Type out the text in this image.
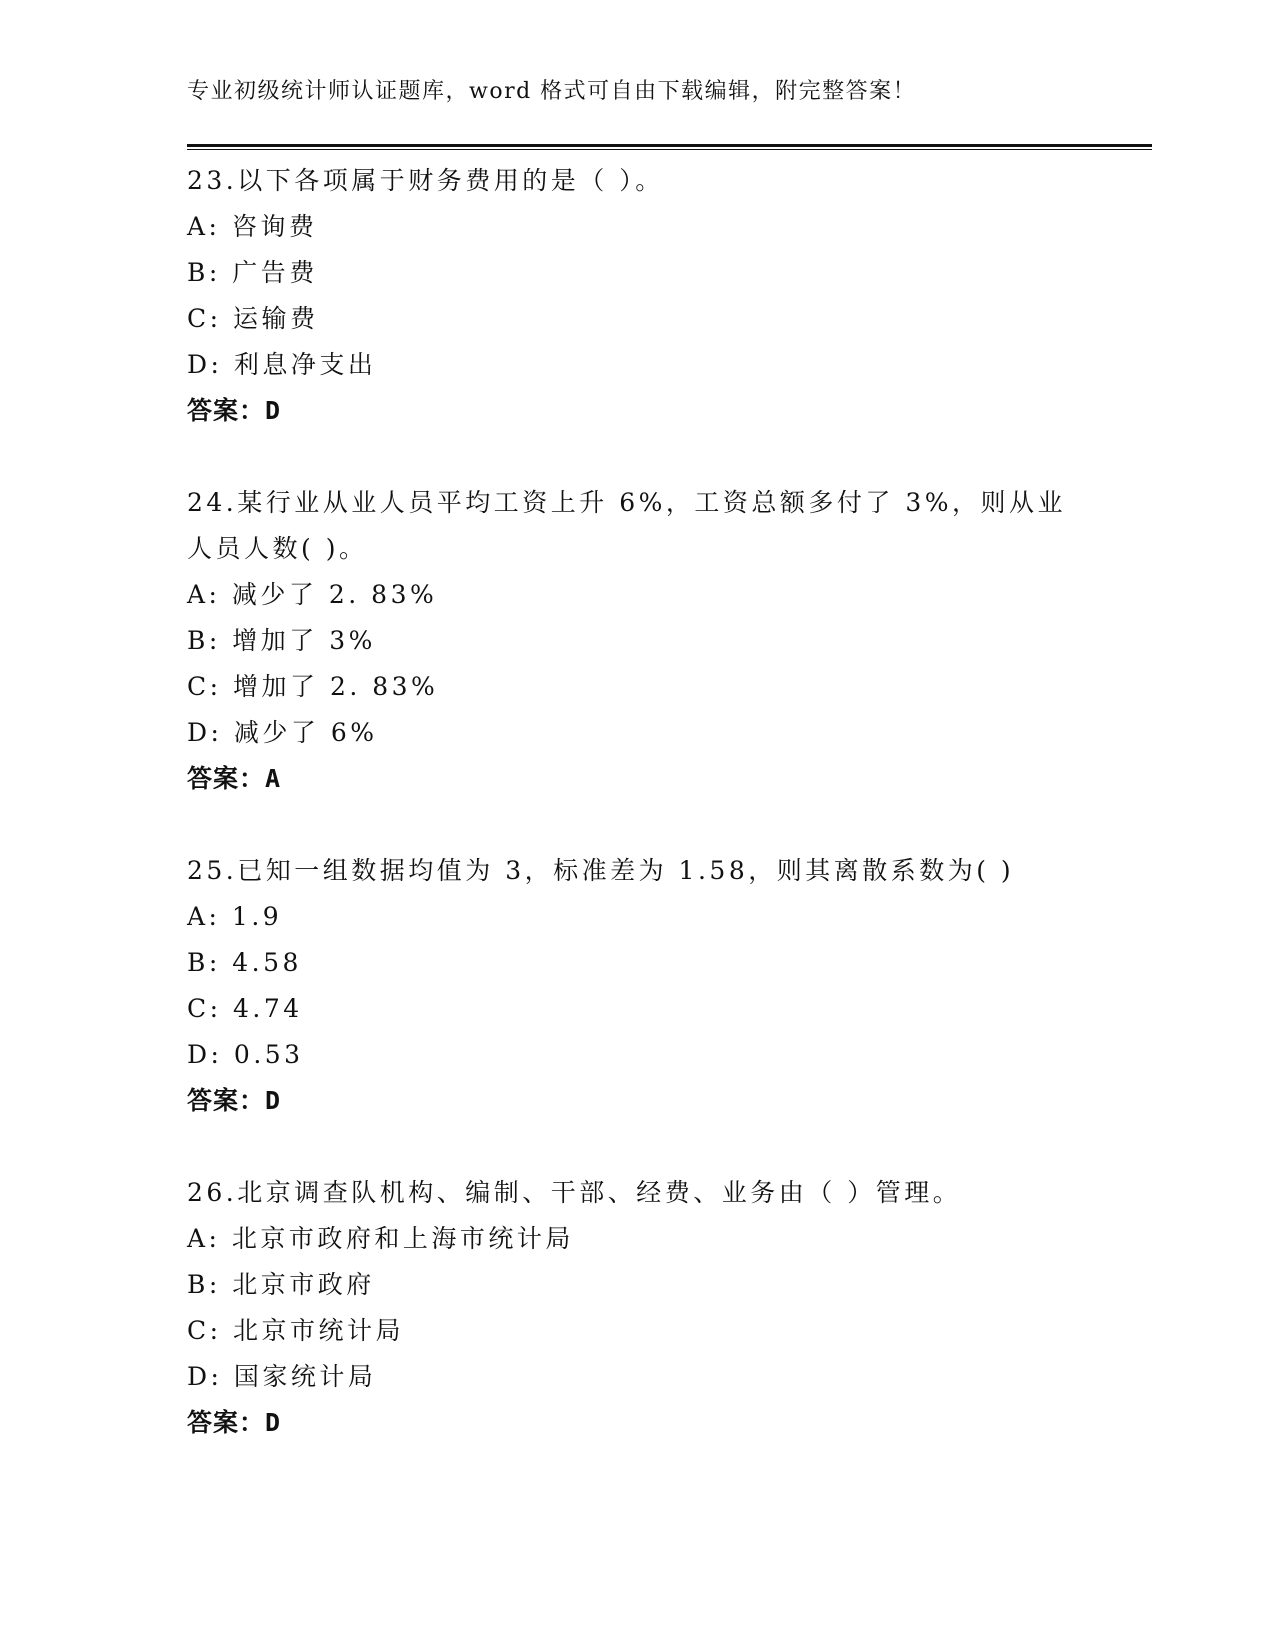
专业初级统计师认证题库，word 格式可自由下载编辑，附完整答案！
23.以下各项属于财务费用的是（ ）。
A: 咨询费
B: 广告费
C: 运输费
D: 利息净支出
答案：D
24.某行业从业人员平均工资上升 6%，工资总额多付了 3%，则从业人员人数( )。
A: 减少了 2. 83%
B: 增加了 3%
C: 增加了 2. 83%
D: 减少了 6%
答案：A
25.已知一组数据均值为 3，标准差为 1.58，则其离散系数为( )
A: 1.9
B: 4.58
C: 4.74
D: 0.53
答案：D
26.北京调查队机构、编制、干部、经费、业务由（ ）管理。
A: 北京市政府和上海市统计局
B: 北京市政府
C: 北京市统计局
D: 国家统计局
答案：D
